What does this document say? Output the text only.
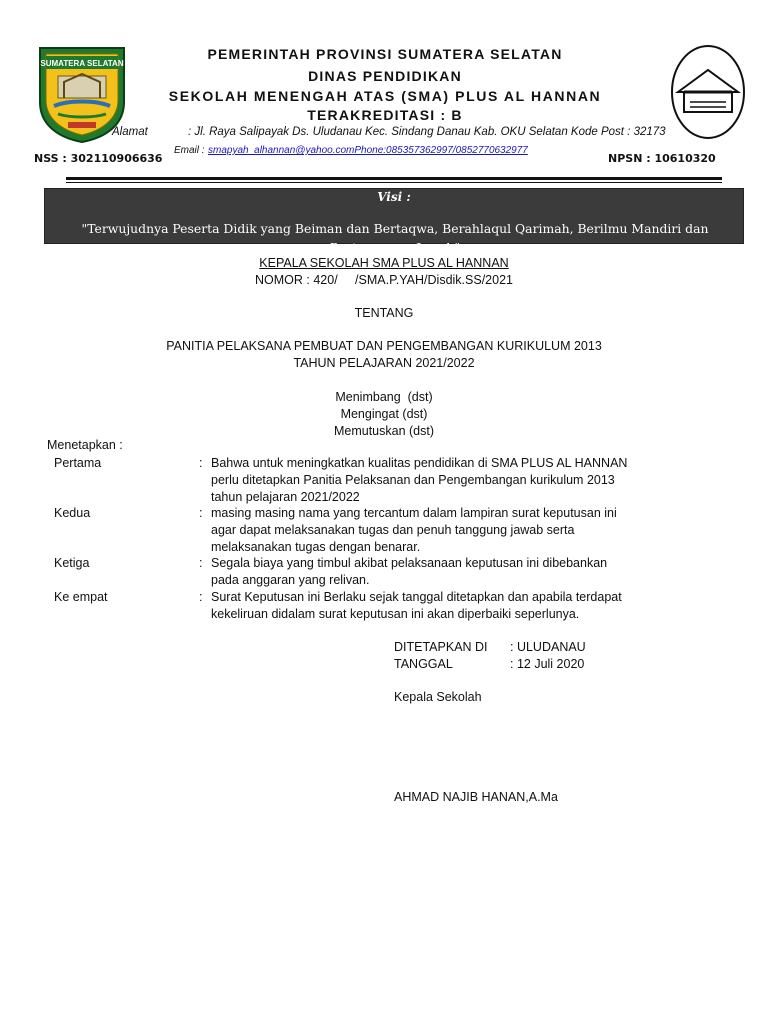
SUMATERA SELATAN
PEMERINTAH PROVINSI SUMATERA SELATAN
DINAS PENDIDIKAN
SEKOLAH MENENGAH ATAS (SMA) PLUS AL HANNAN
TERAKREDITASI : B
Alamat	: Jl. Raya Salipayak Ds. Uludanau Kec. Sindang Danau Kab. OKU Selatan Kode Post : 32173
Email : smapyah_alhannan@yahoo.comPhone:085357362997/08527706329​77
NSS : 302110906636	NPSN : 10610320
Visi :
"Terwujudnya Peserta Didik yang Beiman dan Bertaqwa, Berahlaqul Qarimah, Berilmu Mandiri dan Bertanggung Jawab"
KEPALA SEKOLAH SMA PLUS AL HANNAN
NOMOR : 420/     /SMA.P.YAH/Disdik.SS/2021
TENTANG
PANITIA PELAKSANA PEMBUAT DAN PENGEMBANGAN KURIKULUM 2013
TAHUN PELAJARAN 2021/2022
Menimbang  (dst)
Mengingat (dst)
Memutuskan (dst)
Menetapkan :
Pertama	: Bahwa untuk meningkatkan kualitas pendidikan di SMA PLUS AL HANNAN
perlu ditetapkan Panitia Pelaksanan dan Pengembangan kurikulum 2013
tahun pelajaran 2021/2022
Kedua	: masing masing nama yang tercantum dalam lampiran surat keputusan ini
agar dapat melaksanakan tugas dan penuh tanggung jawab serta
melaksanakan tugas dengan benarar.
Ketiga	: Segala biaya yang timbul akibat pelaksanaan keputusan ini dibebankan
pada anggaran yang relivan.
Ke empat	: Surat Keputusan ini Berlaku sejak tanggal ditetapkan dan apabila terdapat
kekeliruan didalam surat keputusan ini akan diperbaiki seperlunya.
DITETAPKAN DI : ULUDANAU
TANGGAL	: 12 Juli 2020
Kepala Sekolah
AHMAD NAJIB HANAN,A.Ma
